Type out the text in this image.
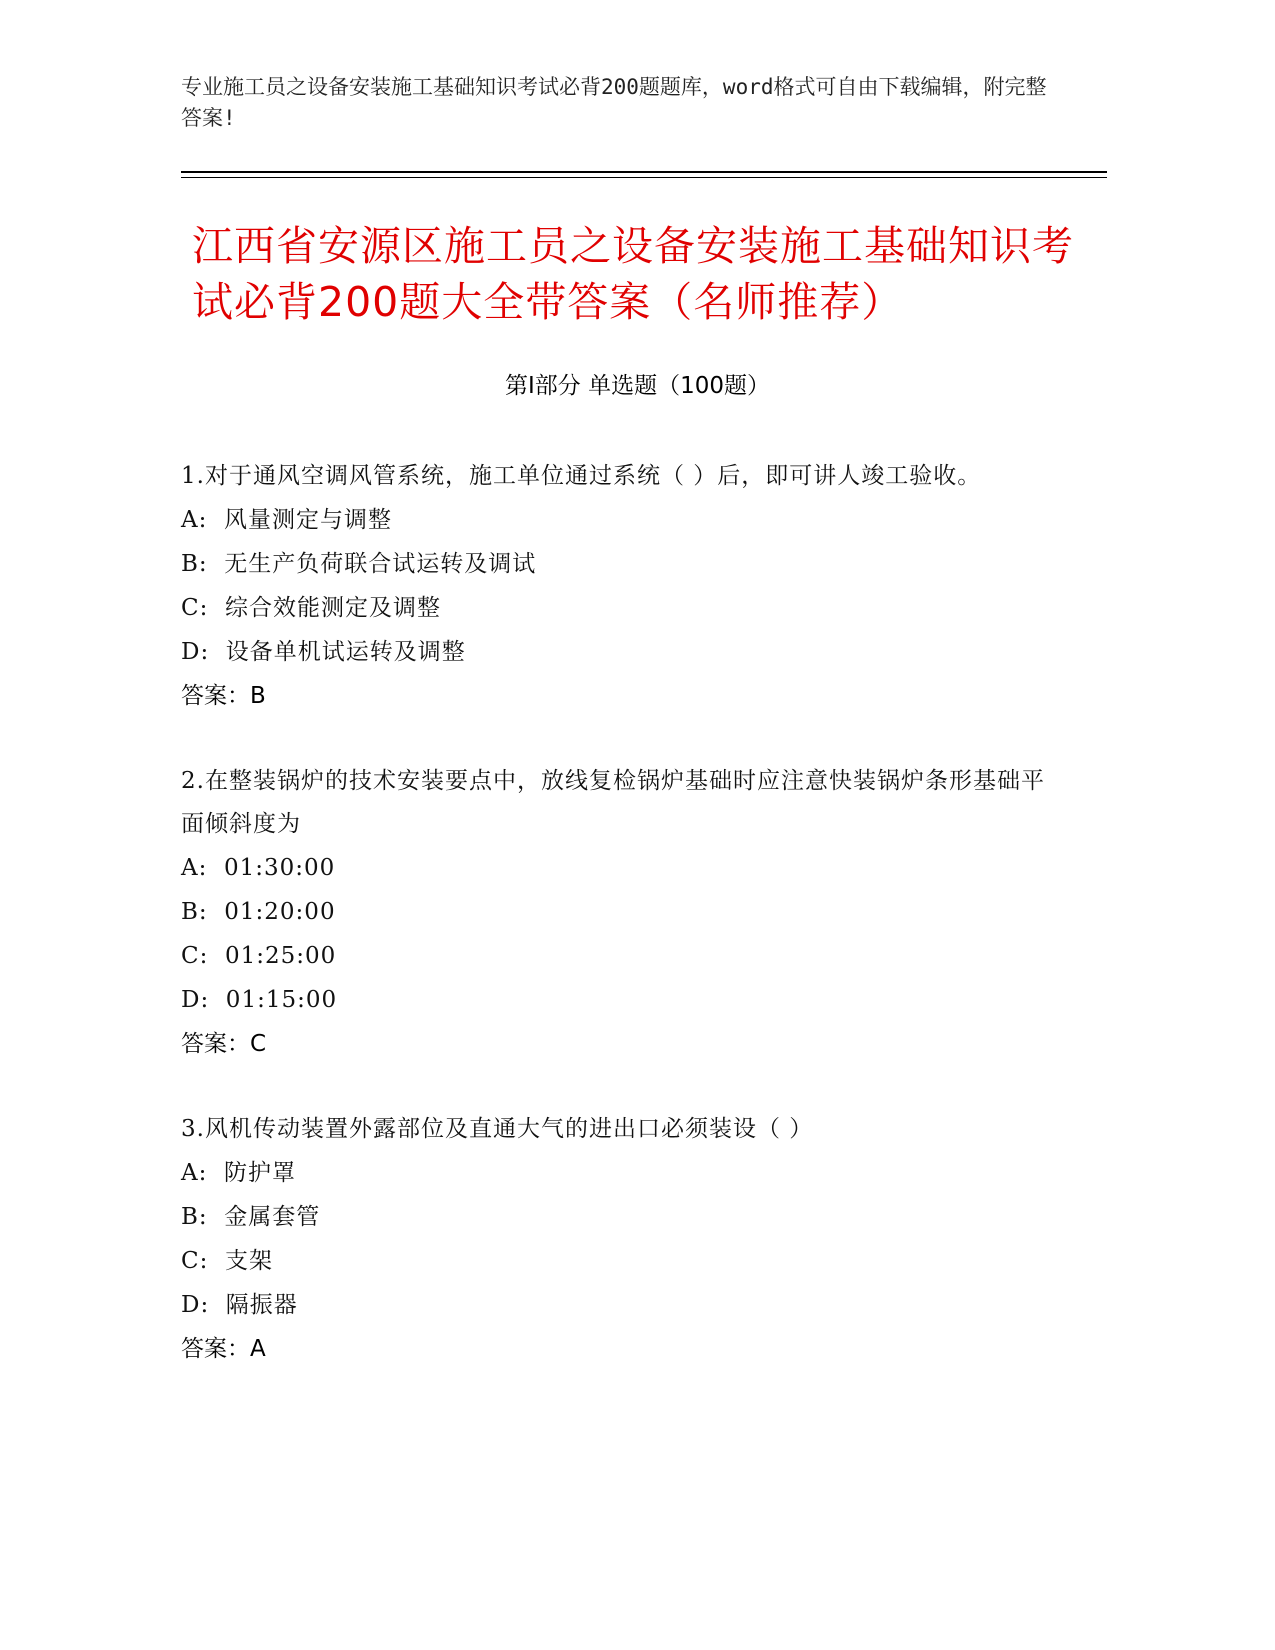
专业施工员之设备安装施工基础知识考试必背200题题库，word格式可自由下载编辑，附完整答案!
江西省安源区施工员之设备安装施工基础知识考试必背200题大全带答案（名师推荐）
第I部分 单选题（100题）
1.对于通风空调风管系统，施工单位通过系统（ ）后，即可讲人竣工验收。
A:  风量测定与调整
B:  无生产负荷联合试运转及调试
C:  综合效能测定及调整
D:  设备单机试运转及调整
答案：B
2.在整装锅炉的技术安装要点中，放线复检锅炉基础时应注意快装锅炉条形基础平面倾斜度为
A:  01:30:00
B:  01:20:00
C:  01:25:00
D:  01:15:00
答案：C
3.风机传动装置外露部位及直通大气的进出口必须装设（ ）
A:  防护罩
B:  金属套管
C:  支架
D:  隔振器
答案：A
